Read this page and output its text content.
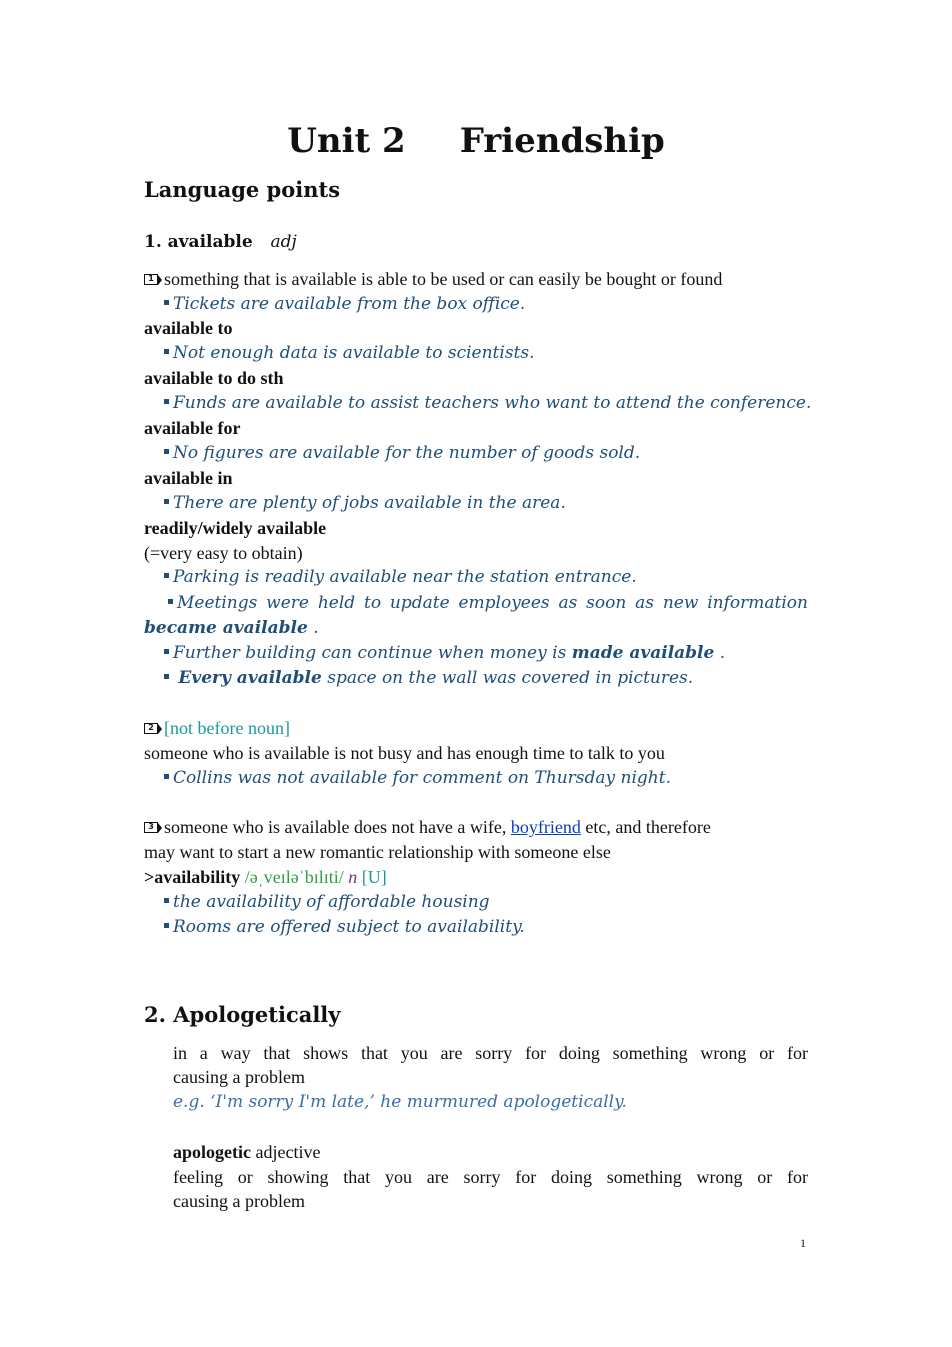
Unit 2 Friendship
Language points
1. available adj
1 something that is available is able to be used or can easily be bought or found
Tickets are available from the box office.
available to
Not enough data is available to scientists.
available to do sth
Funds are available to assist teachers who want to attend the conference.
available for
No figures are available for the number of goods sold.
available in
There are plenty of jobs available in the area.
readily/widely available
(=very easy to obtain)
Parking is readily available near the station entrance.
Meetings were held to update employees as soon as new information
became available .
Further building can continue when money is made available .
Every available space on the wall was covered in pictures.
2 [not before noun]
someone who is available is not busy and has enough time to talk to you
Collins was not available for comment on Thursday night.
3 someone who is available does not have a wife, boyfriend etc, and therefore
may want to start a new romantic relationship with someone else
>availability /əˌveɪləˈbɪlɪti/ n [U]
the availability of affordable housing
Rooms are offered subject to availability.
2. Apologetically
in a way that shows that you are sorry for doing something wrong or for
causing a problem
e.g. ‘I'm sorry I'm late,’ he murmured apologetically.
apologetic adjective
feeling or showing that you are sorry for doing something wrong or for
causing a problem
1
